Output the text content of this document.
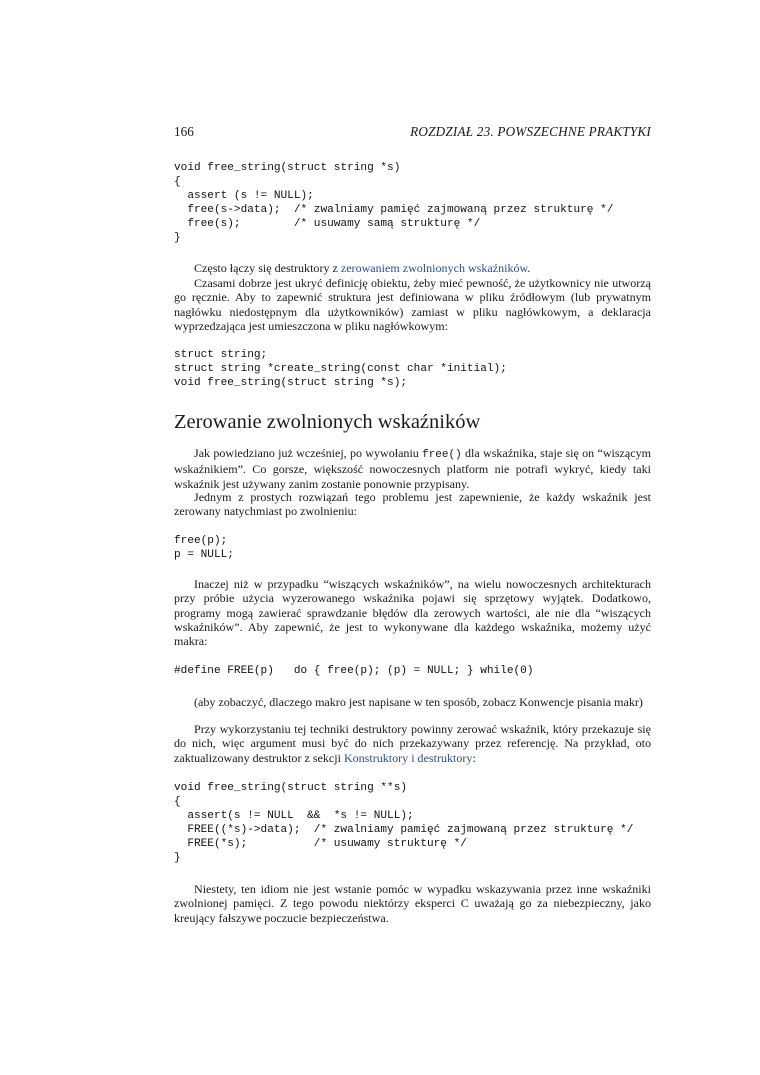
166	ROZDZIAŁ 23. POWSZECHNE PRAKTYKI
void free_string(struct string *s)
{
assert (s != NULL);
free(s->data);  /* zwalniamy pamięć zajmowaną przez strukturę */
free(s);        /* usuwamy samą strukturę */
}

Często łączy się destruktory z zerowaniem zwolnionych wskaźników.

Czasami dobrze jest ukryć definicję obiektu, żeby mieć pewność, że użytkownicy nie utworzą go ręcznie. Aby to zapewnić struktura jest definiowana w pliku źródłowym (lub prywatnym nagłówku niedostępnym dla użytkowników) zamiast w pliku nagłówkowym, a deklaracja wyprzedzająca jest umieszczona w pliku nagłówkowym:

struct string;
struct string *create_string(const char *initial);
void free_string(struct string *s);
Zerowanie zwolnionych wskaźników

Jak powiedziano już wcześniej, po wywołaniu free() dla wskaźnika, staje się on “wiszącym wskaźnikiem”. Co gorsze, większość nowoczesnych platform nie potrafi wykryć, kiedy taki wskaźnik jest używany zanim zostanie ponownie przypisany.

Jednym z prostych rozwiązań tego problemu jest zapewnienie, że każdy wskaźnik jest zerowany natychmiast po zwolnieniu:

free(p);
p = NULL;

Inaczej niż w przypadku “wiszących wskaźników”, na wielu nowoczesnych architekturach przy próbie użycia wyzerowanego wskaźnika pojawi się sprzętowy wyjątek. Dodatkowo, programy mogą zawierać sprawdzanie błędów dla zerowych wartości, ale nie dla “wiszących wskaźników”. Aby zapewnić, że jest to wykonywane dla każdego wskaźnika, możemy użyć makra:

#define FREE(p)   do { free(p); (p) = NULL; } while(0)

(aby zobaczyć, dlaczego makro jest napisane w ten sposób, zobacz Konwencje pisania makr)

Przy wykorzystaniu tej techniki destruktory powinny zerować wskaźnik, który przekazuje się do nich, więc argument musi być do nich przekazywany przez referencję. Na przykład, oto zaktualizowany destruktor z sekcji Konstruktory i destruktory:

void free_string(struct string **s)
{
assert(s != NULL  &&  *s != NULL);
FREE((*s)->data);  /* zwalniamy pamięć zajmowaną przez strukturę */
FREE(*s);          /* usuwamy strukturę */
}

Niestety, ten idiom nie jest wstanie pomóc w wypadku wskazywania przez inne wskaźniki zwolnionej pamięci. Z tego powodu niektórzy eksperci C uważają go za niebezpieczny, jako kreujący fałszywe poczucie bezpieczeństwa.
